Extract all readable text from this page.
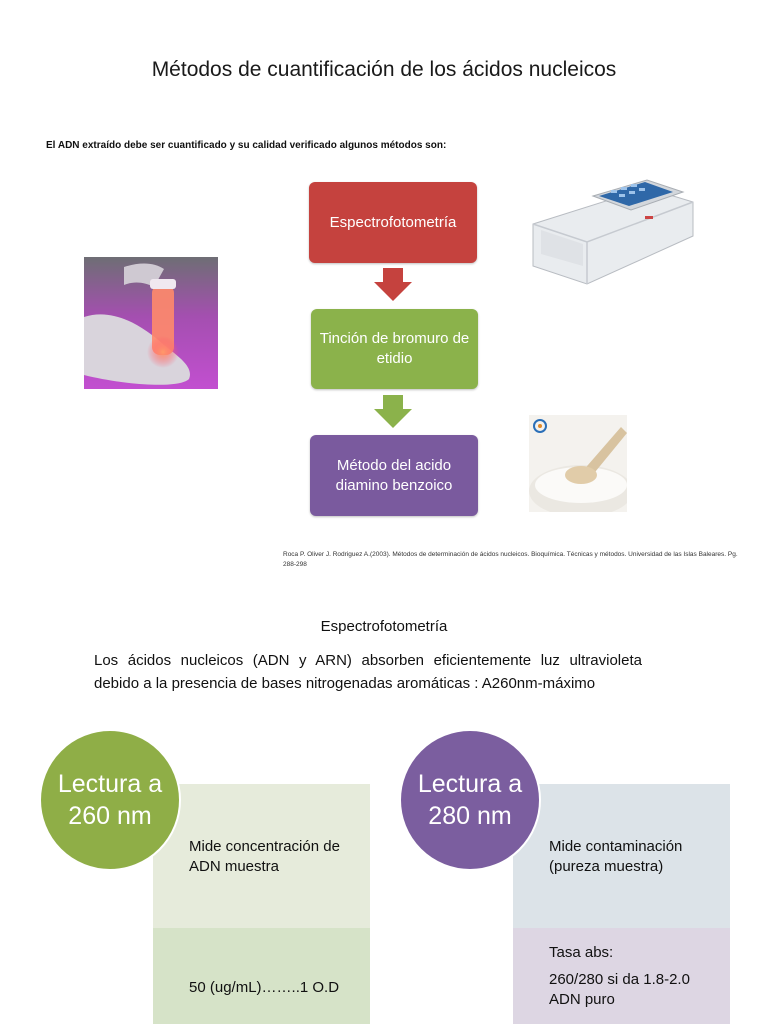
Métodos de cuantificación de los ácidos nucleicos
El ADN extraído debe ser cuantificado y su calidad verificado algunos métodos son:
Espectrofotometría
Tinción de bromuro de etidio
Método del acido diamino benzoico
Roca P. Oliver J. Rodriguez A.(2003). Métodos de determinación de ácidos nucleicos. Bioquímica. Técnicas y métodos. Universidad de las Islas Baleares. Pg. 288-298
Espectrofotometría
Los ácidos nucleicos (ADN y ARN) absorben eficientemente luz ultravioleta debido a la presencia de bases nitrogenadas aromáticas : A260nm-máximo
Lectura a 260 nm
Mide concentración de ADN muestra
50 (ug/mL)……..1 O.D
Lectura a 280 nm
Mide contaminación (pureza muestra)
Tasa abs:
260/280 si da 1.8-2.0 ADN puro
